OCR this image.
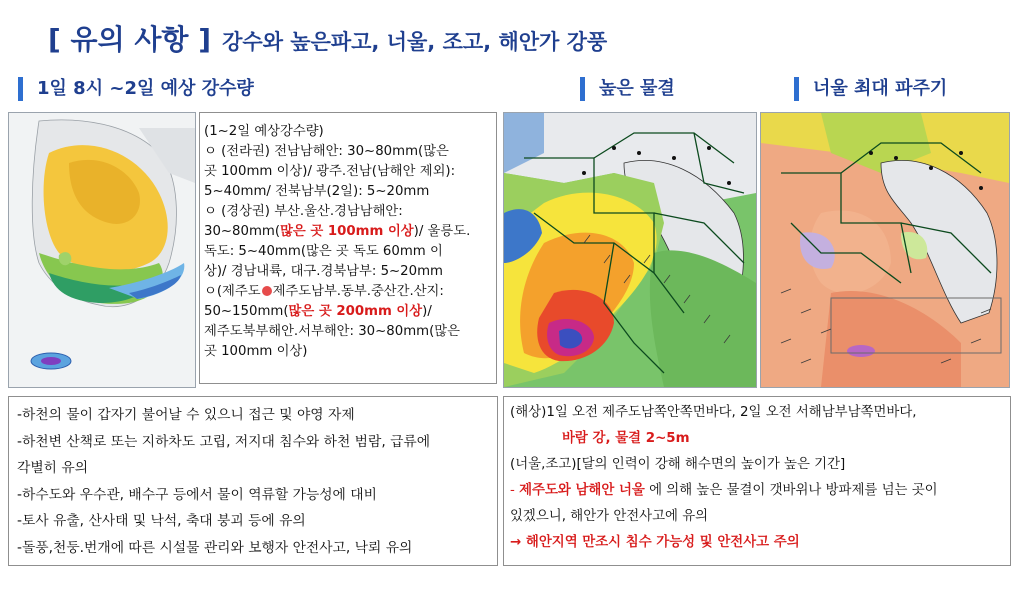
[ 유의 사항 ] 강수와 높은파고, 너울, 조고, 해안가 강풍
1일 8시 ~2일 예상 강수량	높은 물결	너울 최대 파주기
(1~2일 예상강수량)
ㅇ (전라권) 전남남해안: 30~80mm(많은
곳 100mm 이상)/ 광주.전남(남해안 제외):
5~40mm/ 전북남부(2일): 5~20mm
ㅇ (경상권) 부산.울산.경남남해안:
30~80mm(많은 곳 100mm 이상)/ 울릉도.
독도: 5~40mm(많은 곳 독도 60mm 이
상)/ 경남내륙, 대구.경북남부: 5~20mm
ㅇ(제주도 제주도남부.동부.중산간.산지:
50~150mm(많은 곳 200mm 이상)/
제주도북부해안.서부해안: 30~80mm(많은
곳 100mm 이상)
-하천의 물이 갑자기 불어날 수 있으니 접근 및 야영 자제
-하천변 산책로 또는 지하차도 고립, 저지대 침수와 하천 범람, 급류에
각별히 유의
-하수도와 우수관, 배수구 등에서 물이 역류할 가능성에 대비
-토사 유출, 산사태 및 낙석, 축대 붕괴 등에 유의
-돌풍,천둥.번개에 따른 시설물 관리와 보행자 안전사고, 낙뢰 유의
(해상)1일 오전 제주도남쪽안쪽먼바다, 2일 오전 서해남부남쪽먼바다,
바람 강, 물결 2~5m
(너울,조고)[달의 인력이 강해 해수면의 높이가 높은 기간]
- 제주도와 남해안 너울 에 의해 높은 물결이 갯바위나 방파제를 넘는 곳이
있겠으니, 해안가 안전사고에 유의
→ 해안지역 만조시 침수 가능성 및 안전사고 주의
